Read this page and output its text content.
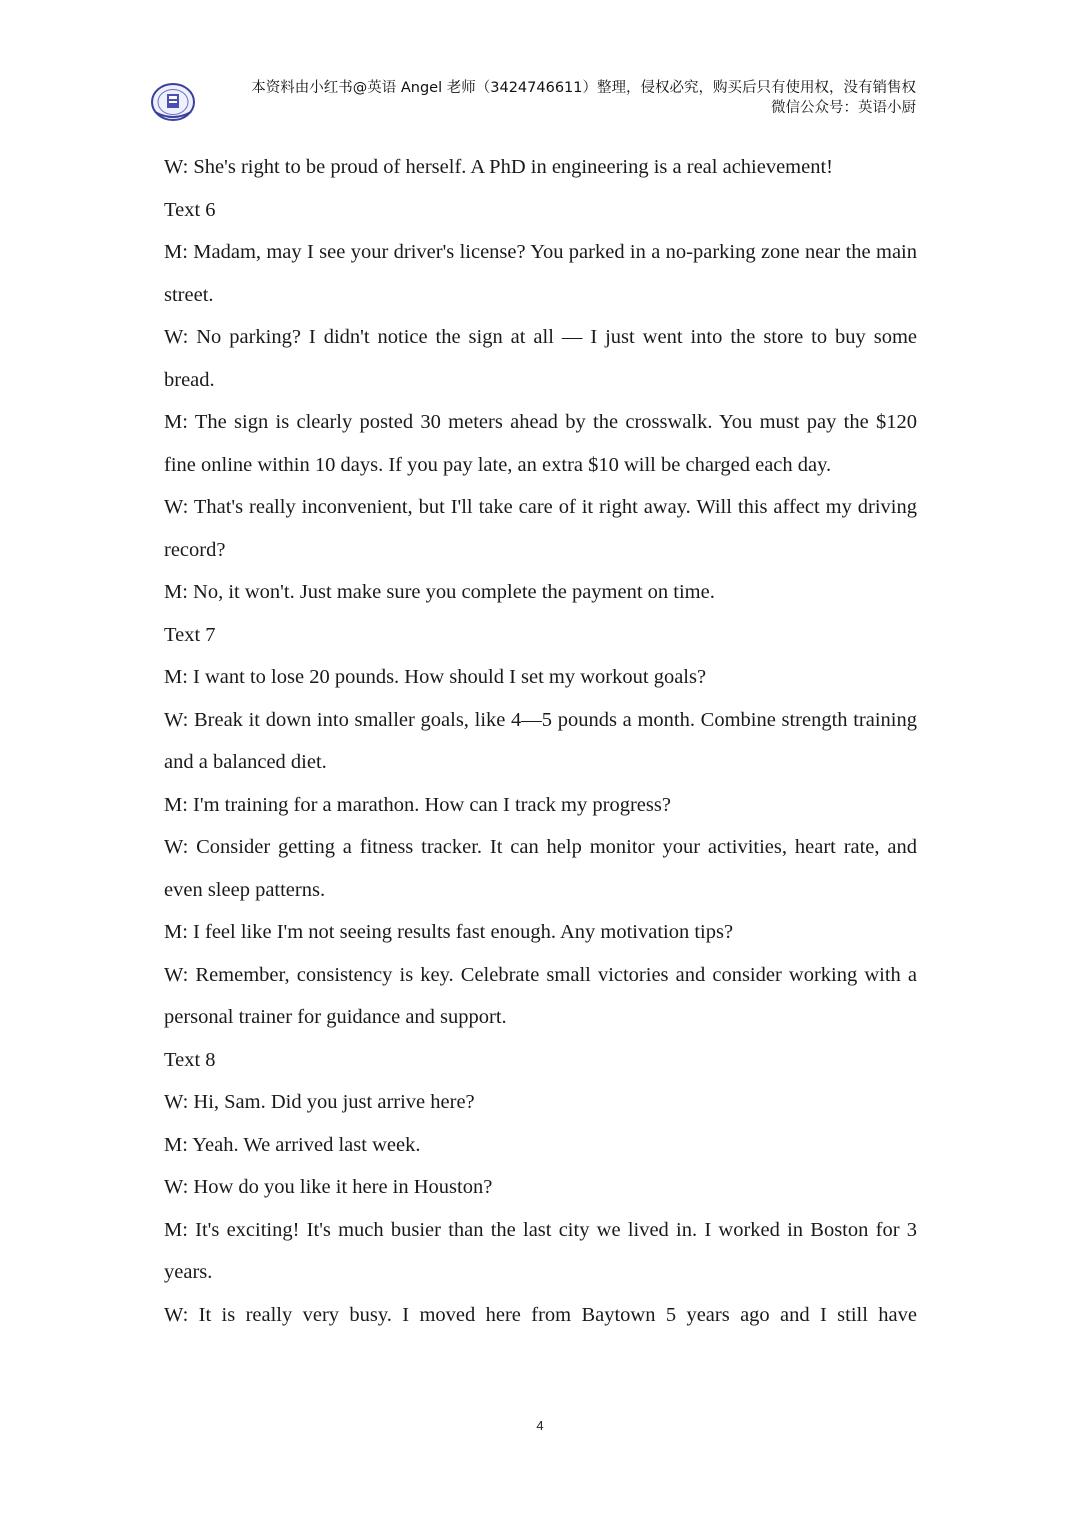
本资料由小红书@英语 Angel 老师（3424746611）整理，侵权必究，购买后只有使用权，没有销售权
微信公众号：英语小厨

W: She's right to be proud of herself. A PhD in engineering is a real achievement!

Text 6

M: Madam, may I see your driver's license? You parked in a no-parking zone near the main street.

W: No parking? I didn't notice the sign at all — I just went into the store to buy some bread.

M: The sign is clearly posted 30 meters ahead by the crosswalk. You must pay the $120 fine online within 10 days. If you pay late, an extra $10 will be charged each day.

W: That's really inconvenient, but I'll take care of it right away. Will this affect my driving record?

M: No, it won't. Just make sure you complete the payment on time.

Text 7

M: I want to lose 20 pounds. How should I set my workout goals?

W: Break it down into smaller goals, like 4—5 pounds a month. Combine strength training and a balanced diet.

M: I'm training for a marathon. How can I track my progress?

W: Consider getting a fitness tracker. It can help monitor your activities, heart rate, and even sleep patterns.

M: I feel like I'm not seeing results fast enough. Any motivation tips?

W: Remember, consistency is key. Celebrate small victories and consider working with a personal trainer for guidance and support.

Text 8

W: Hi, Sam. Did you just arrive here?

M: Yeah. We arrived last week.

W: How do you like it here in Houston?

M: It's exciting! It's much busier than the last city we lived in. I worked in Boston for 3 years.

W: It is really very busy. I moved here from Baytown 5 years ago and I still have

4
